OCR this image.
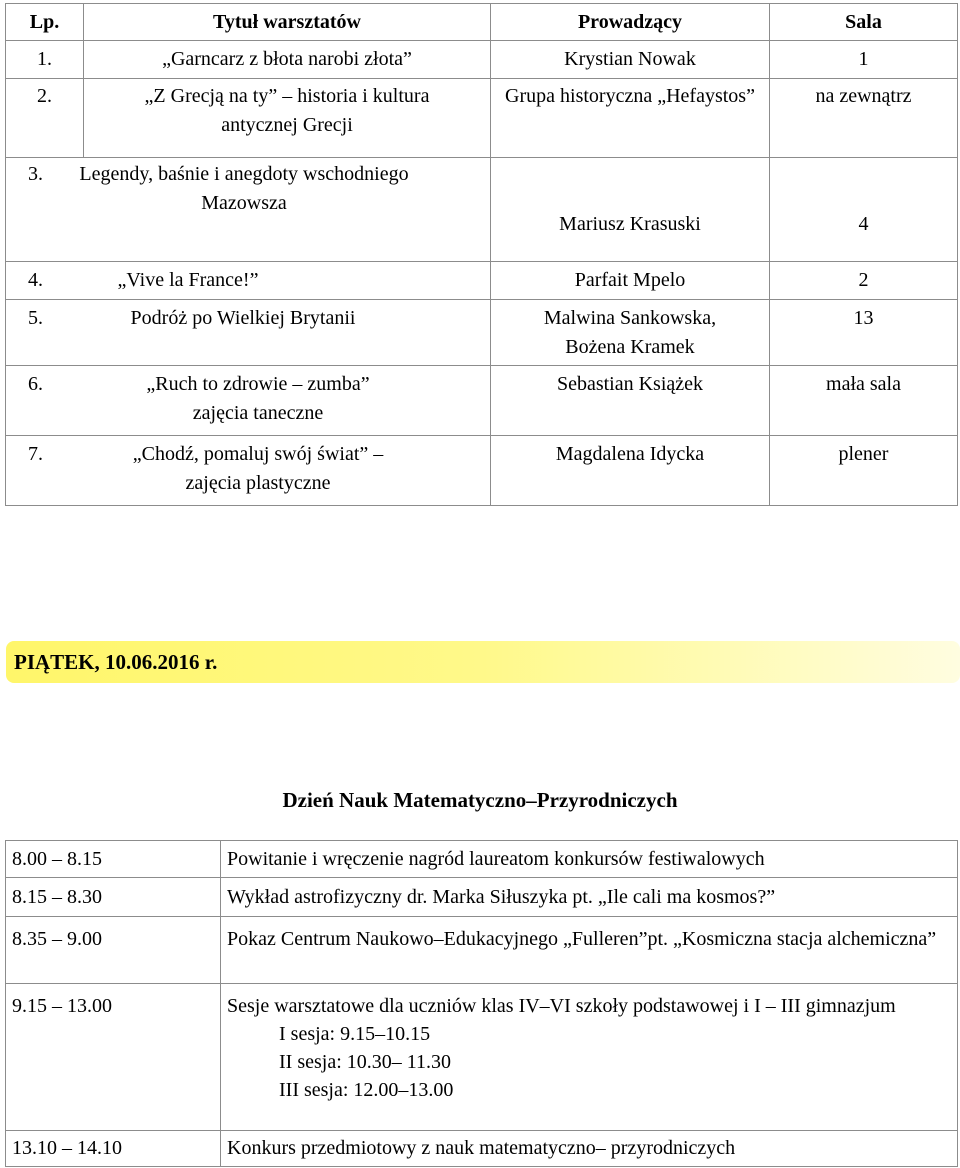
Lp.	Tytuł warsztatów	Prowadzący	Sala
1.	„Garncarz z błota narobi złota”	Krystian Nowak	1
2.	„Z Grecją na ty” – historia i kultura antycznej Grecji	Grupa historyczna „Hefaystos”	na zewnątrz

3. Legendy, baśnie i anegdoty wschodniego Mazowsza		Mariusz Krasuski	4

4. „Vive la France!”		Parfait Mpelo	2

5. Podróż po Wielkiej Brytanii		Malwina Sankowska, Bożena Kramek	13

6. „Ruch to zdrowie – zumba” zajęcia taneczne		Sebastian Książek	mała sala

7. „Chodź, pomaluj swój świat” – zajęcia plastyczne		Magdalena Idycka	plener
PIĄTEK, 10.06.2016 r.
Dzień Nauk Matematyczno–Przyrodniczych
8.00 – 8.15	Powitanie i wręczenie nagród laureatom konkursów festiwalowych
8.15 – 8.30	Wykład astrofizyczny dr. Marka Siłuszyka pt. „Ile cali ma kosmos?”
8.35 – 9.00	Pokaz Centrum Naukowo–Edukacyjnego „Fulleren”pt. „Kosmiczna stacja alchemiczna”
9.15 – 13.00	Sesje warsztatowe dla uczniów klas IV–VI szkoły podstawowej i I – III gimnazjum
I sesja: 9.15–10.15
II sesja: 10.30– 11.30
III sesja: 12.00–13.00

13.10 – 14.10	Konkurs przedmiotowy z nauk matematyczno– przyrodniczych
